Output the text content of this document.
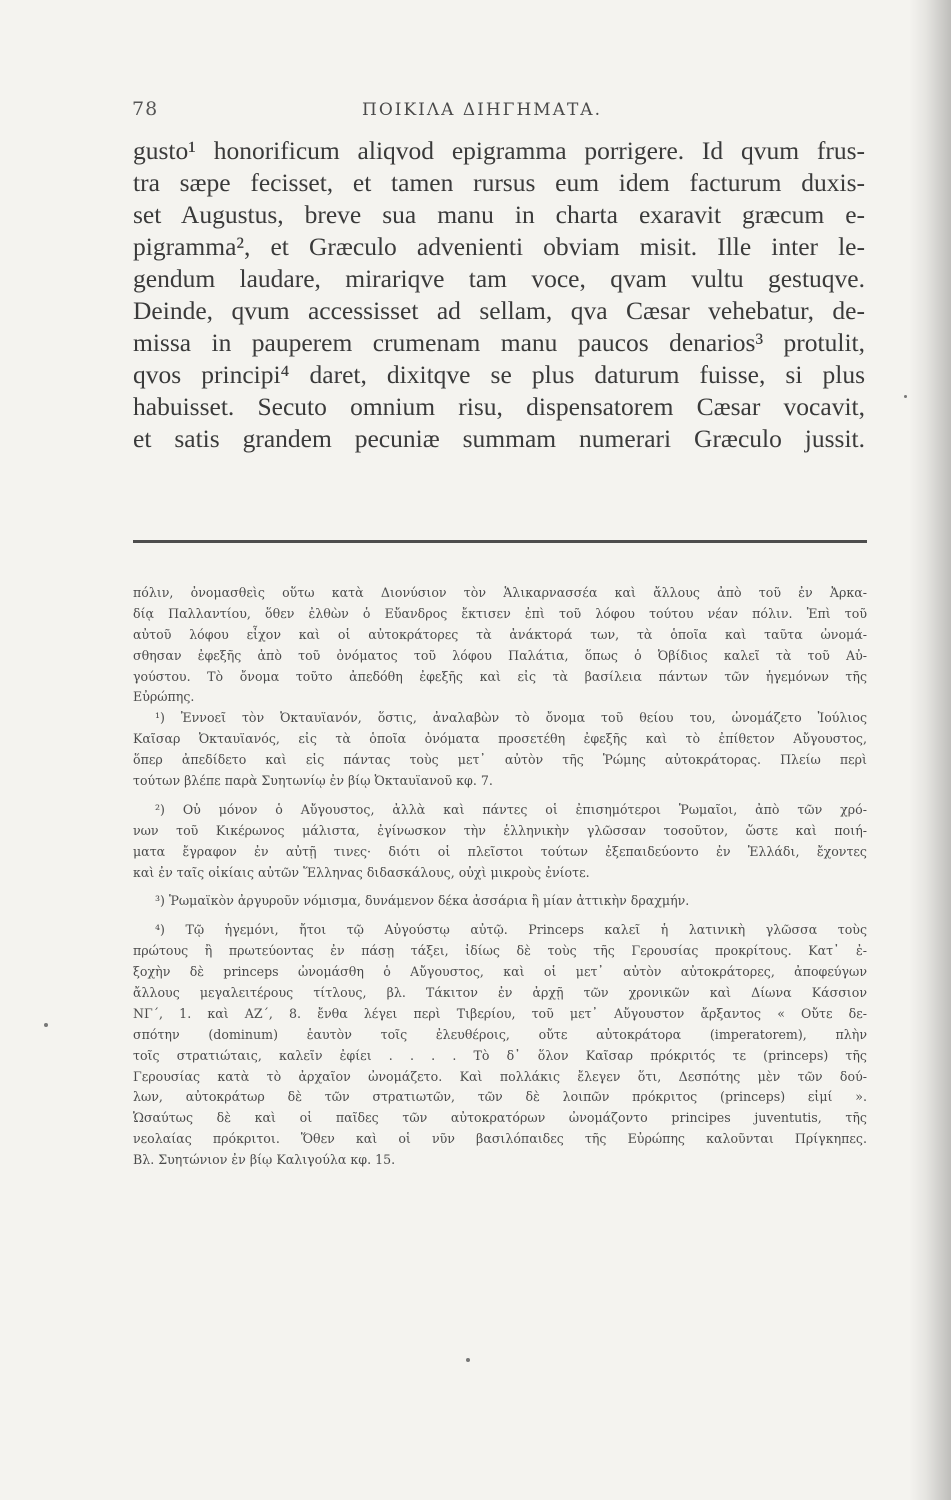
78	ΠΟΙΚΙΛΑ ΔΙΗΓΗΜΑΤΑ.
gusto¹ honorificum aliqvod epigramma porrigere. Id qvum frus-
tra sæpe fecisset, et tamen rursus eum idem facturum duxis-
set Augustus, breve sua manu in charta exaravit græcum e-
pigramma², et Græculo advenienti obviam misit. Ille inter le-
gendum laudare, mirariqve tam voce, qvam vultu gestuqve.
Deinde, qvum accessisset ad sellam, qva Cæsar vehebatur, de-
missa in pauperem crumenam manu paucos denarios³ protulit,
qvos principi⁴ daret, dixitqve se plus daturum fuisse, si plus
habuisset. Secuto omnium risu, dispensatorem Cæsar vocavit,
et satis grandem pecuniæ summam numerari Græculo jussit.
πόλιν, ὀνομασθεὶς οὕτω κατὰ Διονύσιον τὸν Ἁλικαρνασσέα καὶ ἄλλους ἀπὸ τοῦ ἐν Ἀρκα-
δίᾳ Παλλαντίου, ὅθεν ἐλθὼν ὁ Εὔανδρος ἔκτισεν ἐπὶ τοῦ λόφου τούτου νέαν πόλιν. Ἐπὶ τοῦ
αὐτοῦ λόφου εἶχον καὶ οἱ αὐτοκράτορες τὰ ἀνάκτορά των, τὰ ὁποῖα καὶ ταῦτα ὠνομά-
σθησαν ἐφεξῆς ἀπὸ τοῦ ὀνόματος τοῦ λόφου Παλάτια, ὅπως ὁ Ὀβίδιος καλεῖ τὰ τοῦ Αὐ-
γούστου. Τὸ ὄνομα τοῦτο ἀπεδόθη ἐφεξῆς καὶ εἰς τὰ βασίλεια πάντων τῶν ἡγεμόνων τῆς
Εὐρώπης.
¹) Ἐννοεῖ τὸν Ὀκταυϊανόν, ὅστις, ἀναλαβὼν τὸ ὄνομα τοῦ θείου του, ὠνομάζετο Ἰούλιος
Καῖσαρ Ὀκταυϊανός, εἰς τὰ ὁποῖα ὀνόματα προσετέθη ἐφεξῆς καὶ τὸ ἐπίθετον Αὔγουστος,
ὅπερ ἀπεδίδετο καὶ εἰς πάντας τοὺς μετ᾽ αὐτὸν τῆς Ῥώμης αὐτοκράτορας. Πλείω περὶ
τούτων βλέπε παρὰ Συητωνίῳ ἐν βίῳ Ὀκταυϊανοῦ κφ. 7.
²) Οὐ μόνον ὁ Αὔγουστος, ἀλλὰ καὶ πάντες οἱ ἐπισημότεροι Ῥωμαῖοι, ἀπὸ τῶν χρό-
νων τοῦ Κικέρωνος μάλιστα, ἐγίνωσκον τὴν ἑλληνικὴν γλῶσσαν τοσοῦτον, ὥστε καὶ ποιή-
ματα ἔγραφον ἐν αὐτῇ τινες· διότι οἱ πλεῖστοι τούτων ἐξεπαιδεύοντο ἐν Ἑλλάδι, ἔχοντες
καὶ ἐν ταῖς οἰκίαις αὐτῶν Ἕλληνας διδασκάλους, οὐχὶ μικροὺς ἐνίοτε.
³) Ῥωμαϊκὸν ἀργυροῦν νόμισμα, δυνάμενον δέκα ἀσσάρια ἢ μίαν ἀττικὴν δραχμήν.
⁴) Τῷ ἡγεμόνι, ἤτοι τῷ Αὐγούστῳ αὐτῷ. Princeps καλεῖ ἡ λατινικὴ γλῶσσα τοὺς
πρώτους ἢ πρωτεύοντας ἐν πάσῃ τάξει, ἰδίως δὲ τοὺς τῆς Γερουσίας προκρίτους. Κατ᾽ ἐ-
ξοχὴν δὲ princeps ὠνομάσθη ὁ Αὔγουστος, καὶ οἱ μετ᾽ αὐτὸν αὐτοκράτορες, ἀποφεύγων
ἄλλους μεγαλειτέρους τίτλους, βλ. Τάκιτον ἐν ἀρχῇ τῶν χρονικῶν καὶ Δίωνα Κάσσιον
ΝΓ΄, 1. καὶ ΑΖ΄, 8. ἔνθα λέγει περὶ Τιβερίου, τοῦ μετ᾽ Αὔγουστον ἄρξαντος « Οὔτε δε-
σπότην (dominum) ἑαυτὸν τοῖς ἐλευθέροις, οὔτε αὐτοκράτορα (imperatorem), πλὴν
τοῖς στρατιώταις, καλεῖν ἐφίει . . . . Τὸ δ᾽ ὅλον Καῖσαρ πρόκριτός τε (princeps) τῆς
Γερουσίας κατὰ τὸ ἀρχαῖον ὠνομάζετο. Καὶ πολλάκις ἔλεγεν ὅτι, Δεσπότης μὲν τῶν δού-
λων, αὐτοκράτωρ δὲ τῶν στρατιωτῶν, τῶν δὲ λοιπῶν πρόκριτος (princeps) εἰμί ».
Ὡσαύτως δὲ καὶ οἱ παῖδες τῶν αὐτοκρατόρων ὠνομάζοντο principes juventutis, τῆς
νεολαίας πρόκριτοι. Ὅθεν καὶ οἱ νῦν βασιλόπαιδες τῆς Εὐρώπης καλοῦνται Πρίγκηπες.
Βλ. Συητώνιον ἐν βίῳ Καλιγούλα κφ. 15.
